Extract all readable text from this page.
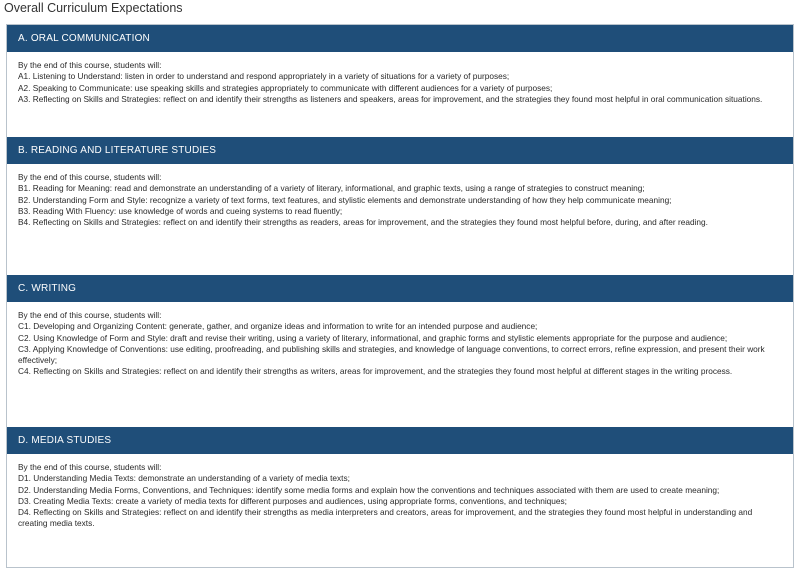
Overall Curriculum Expectations
A. ORAL COMMUNICATION
By the end of this course, students will:
A1. Listening to Understand: listen in order to understand and respond appropriately in a variety of situations for a variety of purposes;
A2. Speaking to Communicate: use speaking skills and strategies appropriately to communicate with different audiences for a variety of purposes;
A3. Reflecting on Skills and Strategies: reflect on and identify their strengths as listeners and speakers, areas for improvement, and the strategies they found most helpful in oral communication situations.
B. READING AND LITERATURE STUDIES
By the end of this course, students will:
B1. Reading for Meaning: read and demonstrate an understanding of a variety of literary, informational, and graphic texts, using a range of strategies to construct meaning;
B2. Understanding Form and Style: recognize a variety of text forms, text features, and stylistic elements and demonstrate understanding of how they help communicate meaning;
B3. Reading With Fluency: use knowledge of words and cueing systems to read fluently;
B4. Reflecting on Skills and Strategies: reflect on and identify their strengths as readers, areas for improvement, and the strategies they found most helpful before, during, and after reading.
C. WRITING
By the end of this course, students will:
C1. Developing and Organizing Content: generate, gather, and organize ideas and information to write for an intended purpose and audience;
C2. Using Knowledge of Form and Style: draft and revise their writing, using a variety of literary, informational, and graphic forms and stylistic elements appropriate for the purpose and audience;
C3. Applying Knowledge of Conventions: use editing, proofreading, and publishing skills and strategies, and knowledge of language conventions, to correct errors, refine expression, and present their work effectively;
C4. Reflecting on Skills and Strategies: reflect on and identify their strengths as writers, areas for improvement, and the strategies they found most helpful at different stages in the writing process.
D. MEDIA STUDIES
By the end of this course, students will:
D1. Understanding Media Texts: demonstrate an understanding of a variety of media texts;
D2. Understanding Media Forms, Conventions, and Techniques: identify some media forms and explain how the conventions and techniques associated with them are used to create meaning;
D3. Creating Media Texts: create a variety of media texts for different purposes and audiences, using appropriate forms, conventions, and techniques;
D4. Reflecting on Skills and Strategies: reflect on and identify their strengths as media interpreters and creators, areas for improvement, and the strategies they found most helpful in understanding and creating media texts.
